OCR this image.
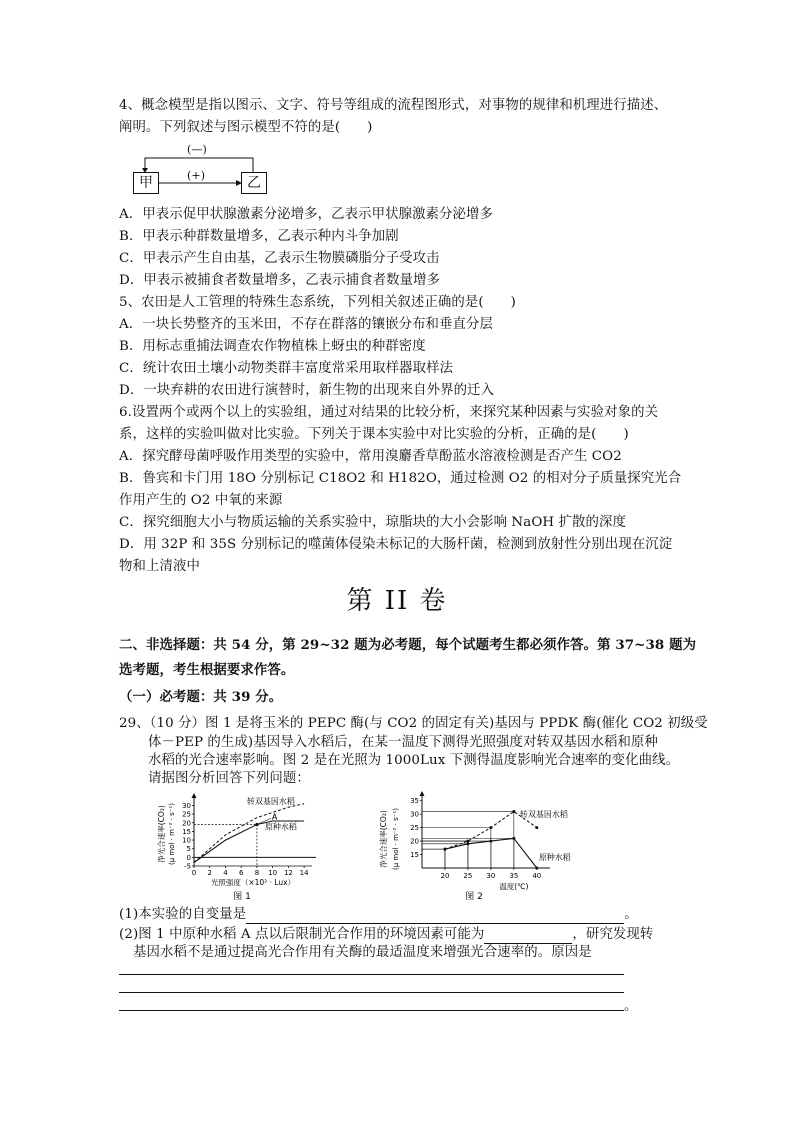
4、概念模型是指以图示、文字、符号等组成的流程图形式，对事物的规律和机理进行描述、
阐明。下列叙述与图示模型不符的是(　　)
甲	乙
(—)
(+)
A．甲表示促甲状腺激素分泌增多，乙表示甲状腺激素分泌增多
B．甲表示种群数量增多，乙表示种内斗争加剧
C．甲表示产生自由基，乙表示生物膜磷脂分子受攻击
D．甲表示被捕食者数量增多，乙表示捕食者数量增多
5、农田是人工管理的特殊生态系统，下列相关叙述正确的是(　　)
A．一块长势整齐的玉米田，不存在群落的镶嵌分布和垂直分层
B．用标志重捕法调查农作物植株上蚜虫的种群密度
C．统计农田土壤小动物类群丰富度常采用取样器取样法
D．一块弃耕的农田进行演替时，新生物的出现来自外界的迁入
6.设置两个或两个以上的实验组，通过对结果的比较分析，来探究某种因素与实验对象的关
系，这样的实验叫做对比实验。下列关于课本实验中对比实验的分析，正确的是(　　)
A．探究酵母菌呼吸作用类型的实验中，常用溴麝香草酚蓝水溶液检测是否产生 CO2
B．鲁宾和卡门用 18O 分别标记 C18O2 和 H182O，通过检测 O2 的相对分子质量探究光合
作用产生的 O2 中氧的来源
C．探究细胞大小与物质运输的关系实验中，琼脂块的大小会影响 NaOH 扩散的深度
D．用 32P 和 35S 分别标记的噬菌体侵染未标记的大肠杆菌，检测到放射性分别出现在沉淀
物和上清液中
第 II 卷
二、非选择题：共 54 分，第 29~32 题为必考题，每个试题考生都必须作答。第 37~38 题为
选考题，考生根据要求作答。
（一）必考题：共 39 分。
29、（10 分）图 1 是将玉米的 PEPC 酶(与 CO2 的固定有关)基因与 PPDK 酶(催化 CO2 初级受
体－PEP 的生成)基因导入水稻后，在某一温度下测得光照强度对转双基因水稻和原种
水稻的光合速率影响。图 2 是在光照为 1000Lux 下测得温度影响光合速率的变化曲线。
请据图分析回答下列问题：
-5
0
5
10
15
20
25
30
0 2 4 6 8 10 12 14
光照强度（×10² · Lux）
净光合速率(CO₂) (μ mol · m⁻² · s⁻¹)	A
转双基因水稻
原种水稻
图 1
15
20
25
30
35
20 25 30 35 40
温度(℃)
净光合速率(CO₂) (μ mol · m⁻² · s⁻¹)	转双基因水稻
原种水稻
图 2
(1)本实验的自变量是	。
(2)图 1 中原种水稻 A 点以后限制光合作用的环境因素可能为	，研究发现转
基因水稻不是通过提高光合作用有关酶的最适温度来增强光合速率的。原因是
。
